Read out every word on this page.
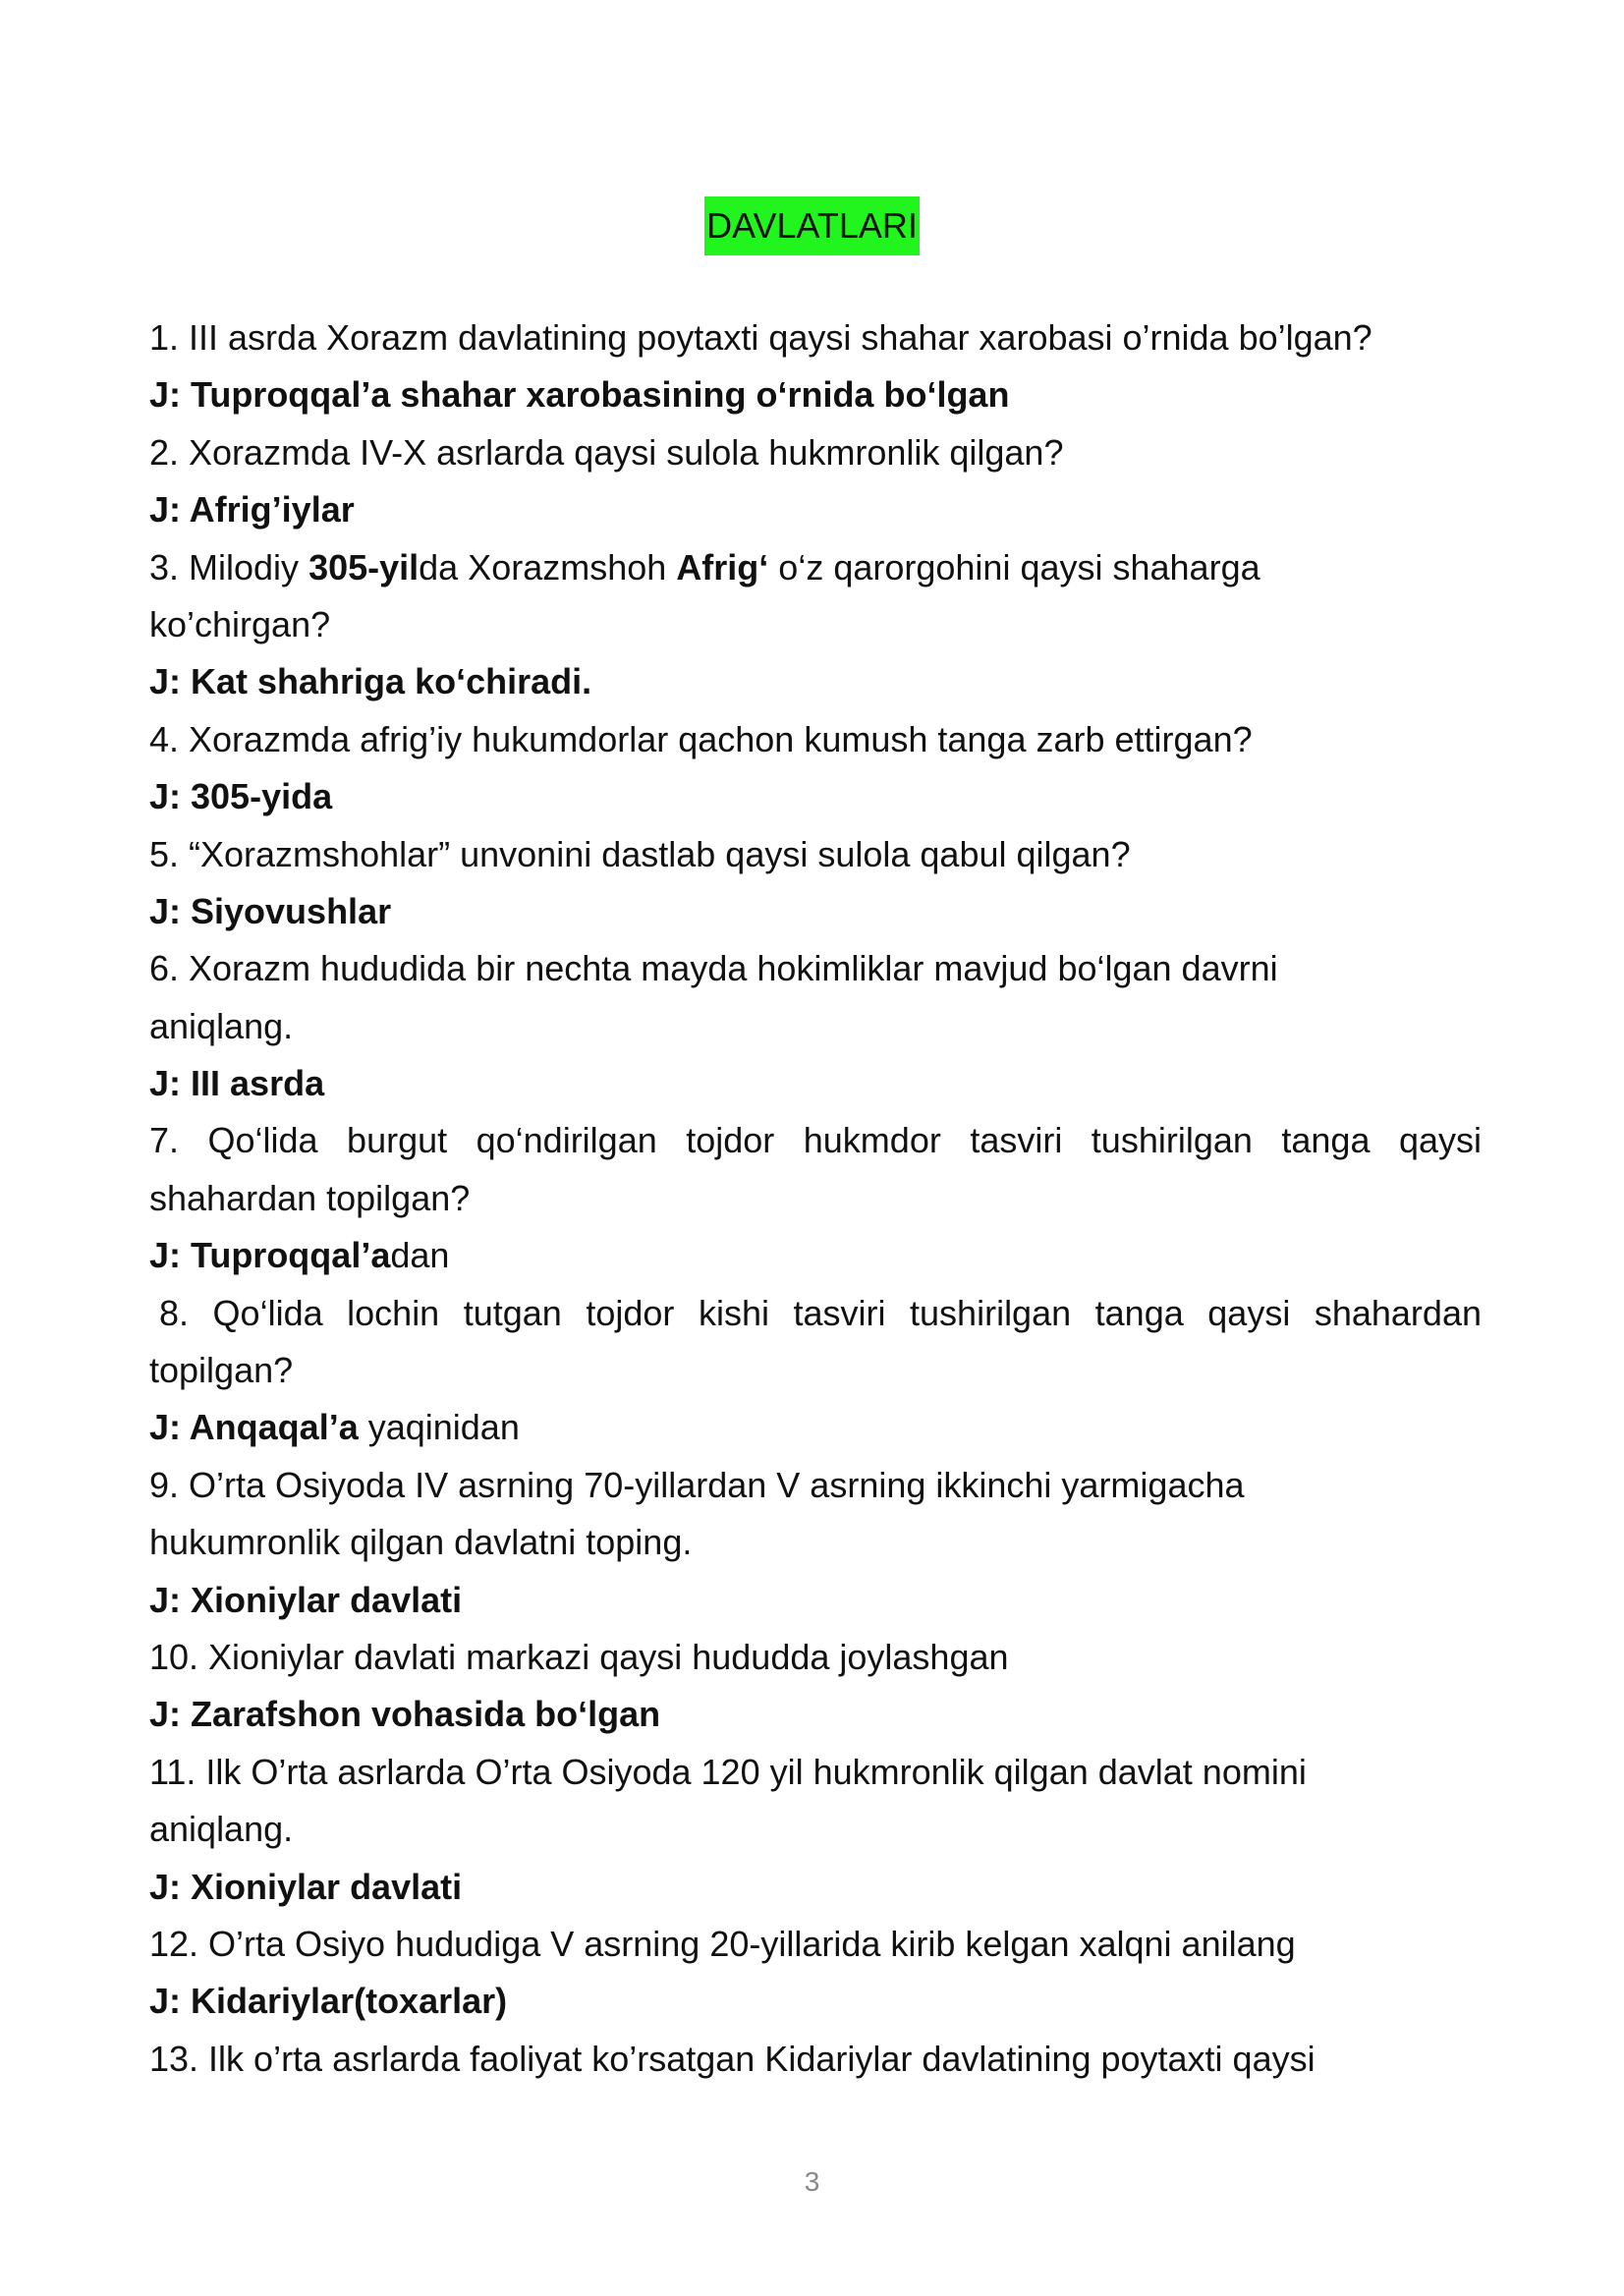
DAVLATLARI
1. III asrda Xorazm davlatining poytaxti qaysi shahar xarobasi o’rnida bo’lgan?
J: Tuproqqal’a shahar xarobasining o‘rnida bo‘lgan
2. Xorazmda IV-X asrlarda qaysi sulola hukmronlik qilgan?
J: Afrig’iylar
3. Milodiy 305-yilda Xorazmshoh Afrig‘ o‘z qarorgohini qaysi shaharga
ko’chirgan?
J: Kat shahriga ko‘chiradi.
4. Xorazmda afrig’iy hukumdorlar qachon kumush tanga zarb ettirgan?
J: 305-yida
5. “Xorazmshohlar” unvonini dastlab qaysi sulola qabul qilgan?
J: Siyovushlar
6. Xorazm hududida bir nechta mayda hokimliklar mavjud bo‘lgan davrni
aniqlang.
J: III asrda
7. Qo‘lida burgut qo‘ndirilgan tojdor hukmdor tasviri tushirilgan tanga qaysi
shahardan topilgan?
J: Tuproqqal’adan
8. Qo‘lida lochin tutgan tojdor kishi tasviri tushirilgan tanga qaysi shahardan
topilgan?
J: Anqaqal’a yaqinidan
9. O’rta Osiyoda IV asrning 70-yillardan V asrning ikkinchi yarmigacha
hukumronlik qilgan davlatni toping.
J: Xioniylar davlati
10. Xioniylar davlati markazi qaysi hududda joylashgan
J: Zarafshon vohasida bo‘lgan
11. Ilk O’rta asrlarda O’rta Osiyoda 120 yil hukmronlik qilgan davlat nomini
aniqlang.
J: Xioniylar davlati
12. O’rta Osiyo hududiga V asrning 20-yillarida kirib kelgan xalqni anilang
J: Kidariylar(toxarlar)
13. Ilk o’rta asrlarda faoliyat ko’rsatgan Kidariylar davlatining poytaxti qaysi
3
